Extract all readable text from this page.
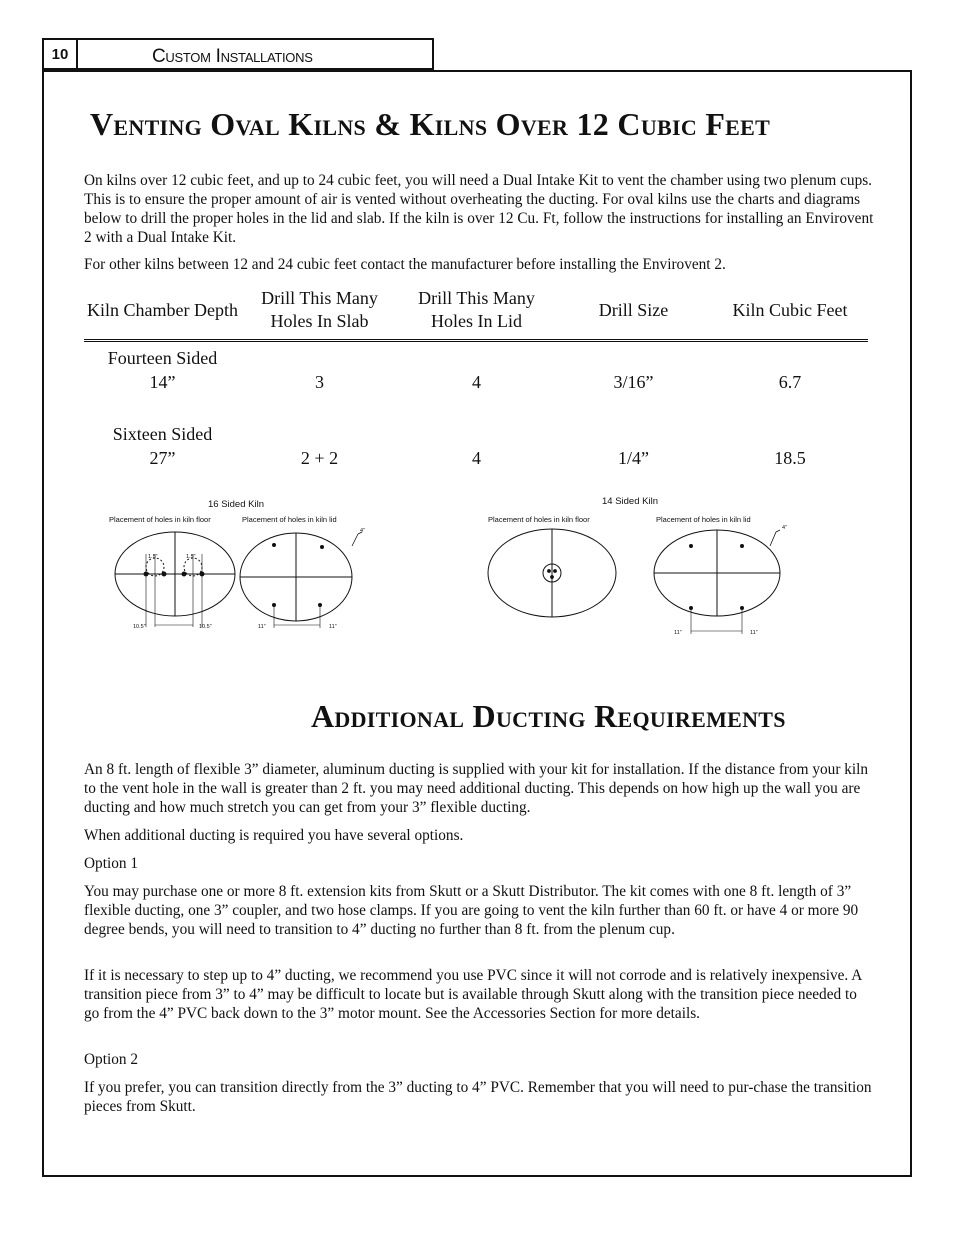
10	Custom Installations
Venting Oval Kilns & Kilns Over 12 Cubic Feet

On kilns over 12 cubic feet, and up to 24 cubic feet, you will need a Dual Intake Kit to vent the chamber using two plenum cups. This is to ensure the proper amount of air is vented without overheating the ducting. For oval kilns use the charts and diagrams below to drill the proper holes in the lid and slab. If the kiln is over 12 Cu. Ft, follow the instructions for installing an Envirovent 2 with a Dual Intake Kit.

For other kilns between 12 and 24 cubic feet contact the manufacturer before installing the Envirovent 2.

Kiln Chamber Depth	Drill This Many Holes In Slab	Drill This Many Holes In Lid	Drill Size	Kiln Cubic Feet

Fourteen Sided				
14”	3	4	3/16”	6.7

Sixteen Sided				
27”	2 + 2	4	1/4”	18.5
16 Sided Kiln
Placement of holes in kiln floor	Placement of holes in kiln lid
1.5”	1.5”
10.5”	10.5”	11”	11”
4”
14 Sided Kiln
Placement of holes in kiln floor	Placement of holes in kiln lid
11”	11”
4”
Additional Ducting Requirements

An 8 ft. length of flexible 3” diameter, aluminum ducting is supplied with your kit for installation. If the distance from your kiln to the vent hole in the wall is greater than 2 ft. you may need additional ducting. This depends on how high up the wall you are ducting and how much stretch you can get from your 3” flexible ducting.

When additional ducting is required you have several options.

Option 1

You may purchase one or more 8 ft. extension kits from Skutt or a Skutt Distributor. The kit comes with one 8 ft. length of 3” flexible ducting, one 3” coupler, and two hose clamps. If you are going to vent the kiln further than 60 ft. or have 4 or more 90 degree bends, you will need to transition to 4” ducting no further than 8 ft. from the plenum cup.

If it is necessary to step up to 4” ducting, we recommend you use PVC since it will not corrode and is relatively inexpensive. A transition piece from 3” to 4” may be difficult to locate but is available through Skutt along with the transition piece needed to go from the 4” PVC back down to the 3” motor mount. See the Accessories Section for more details.

Option 2

If you prefer, you can transition directly from the 3” ducting to 4” PVC. Remember that you will need to pur-chase the transition pieces from Skutt.
